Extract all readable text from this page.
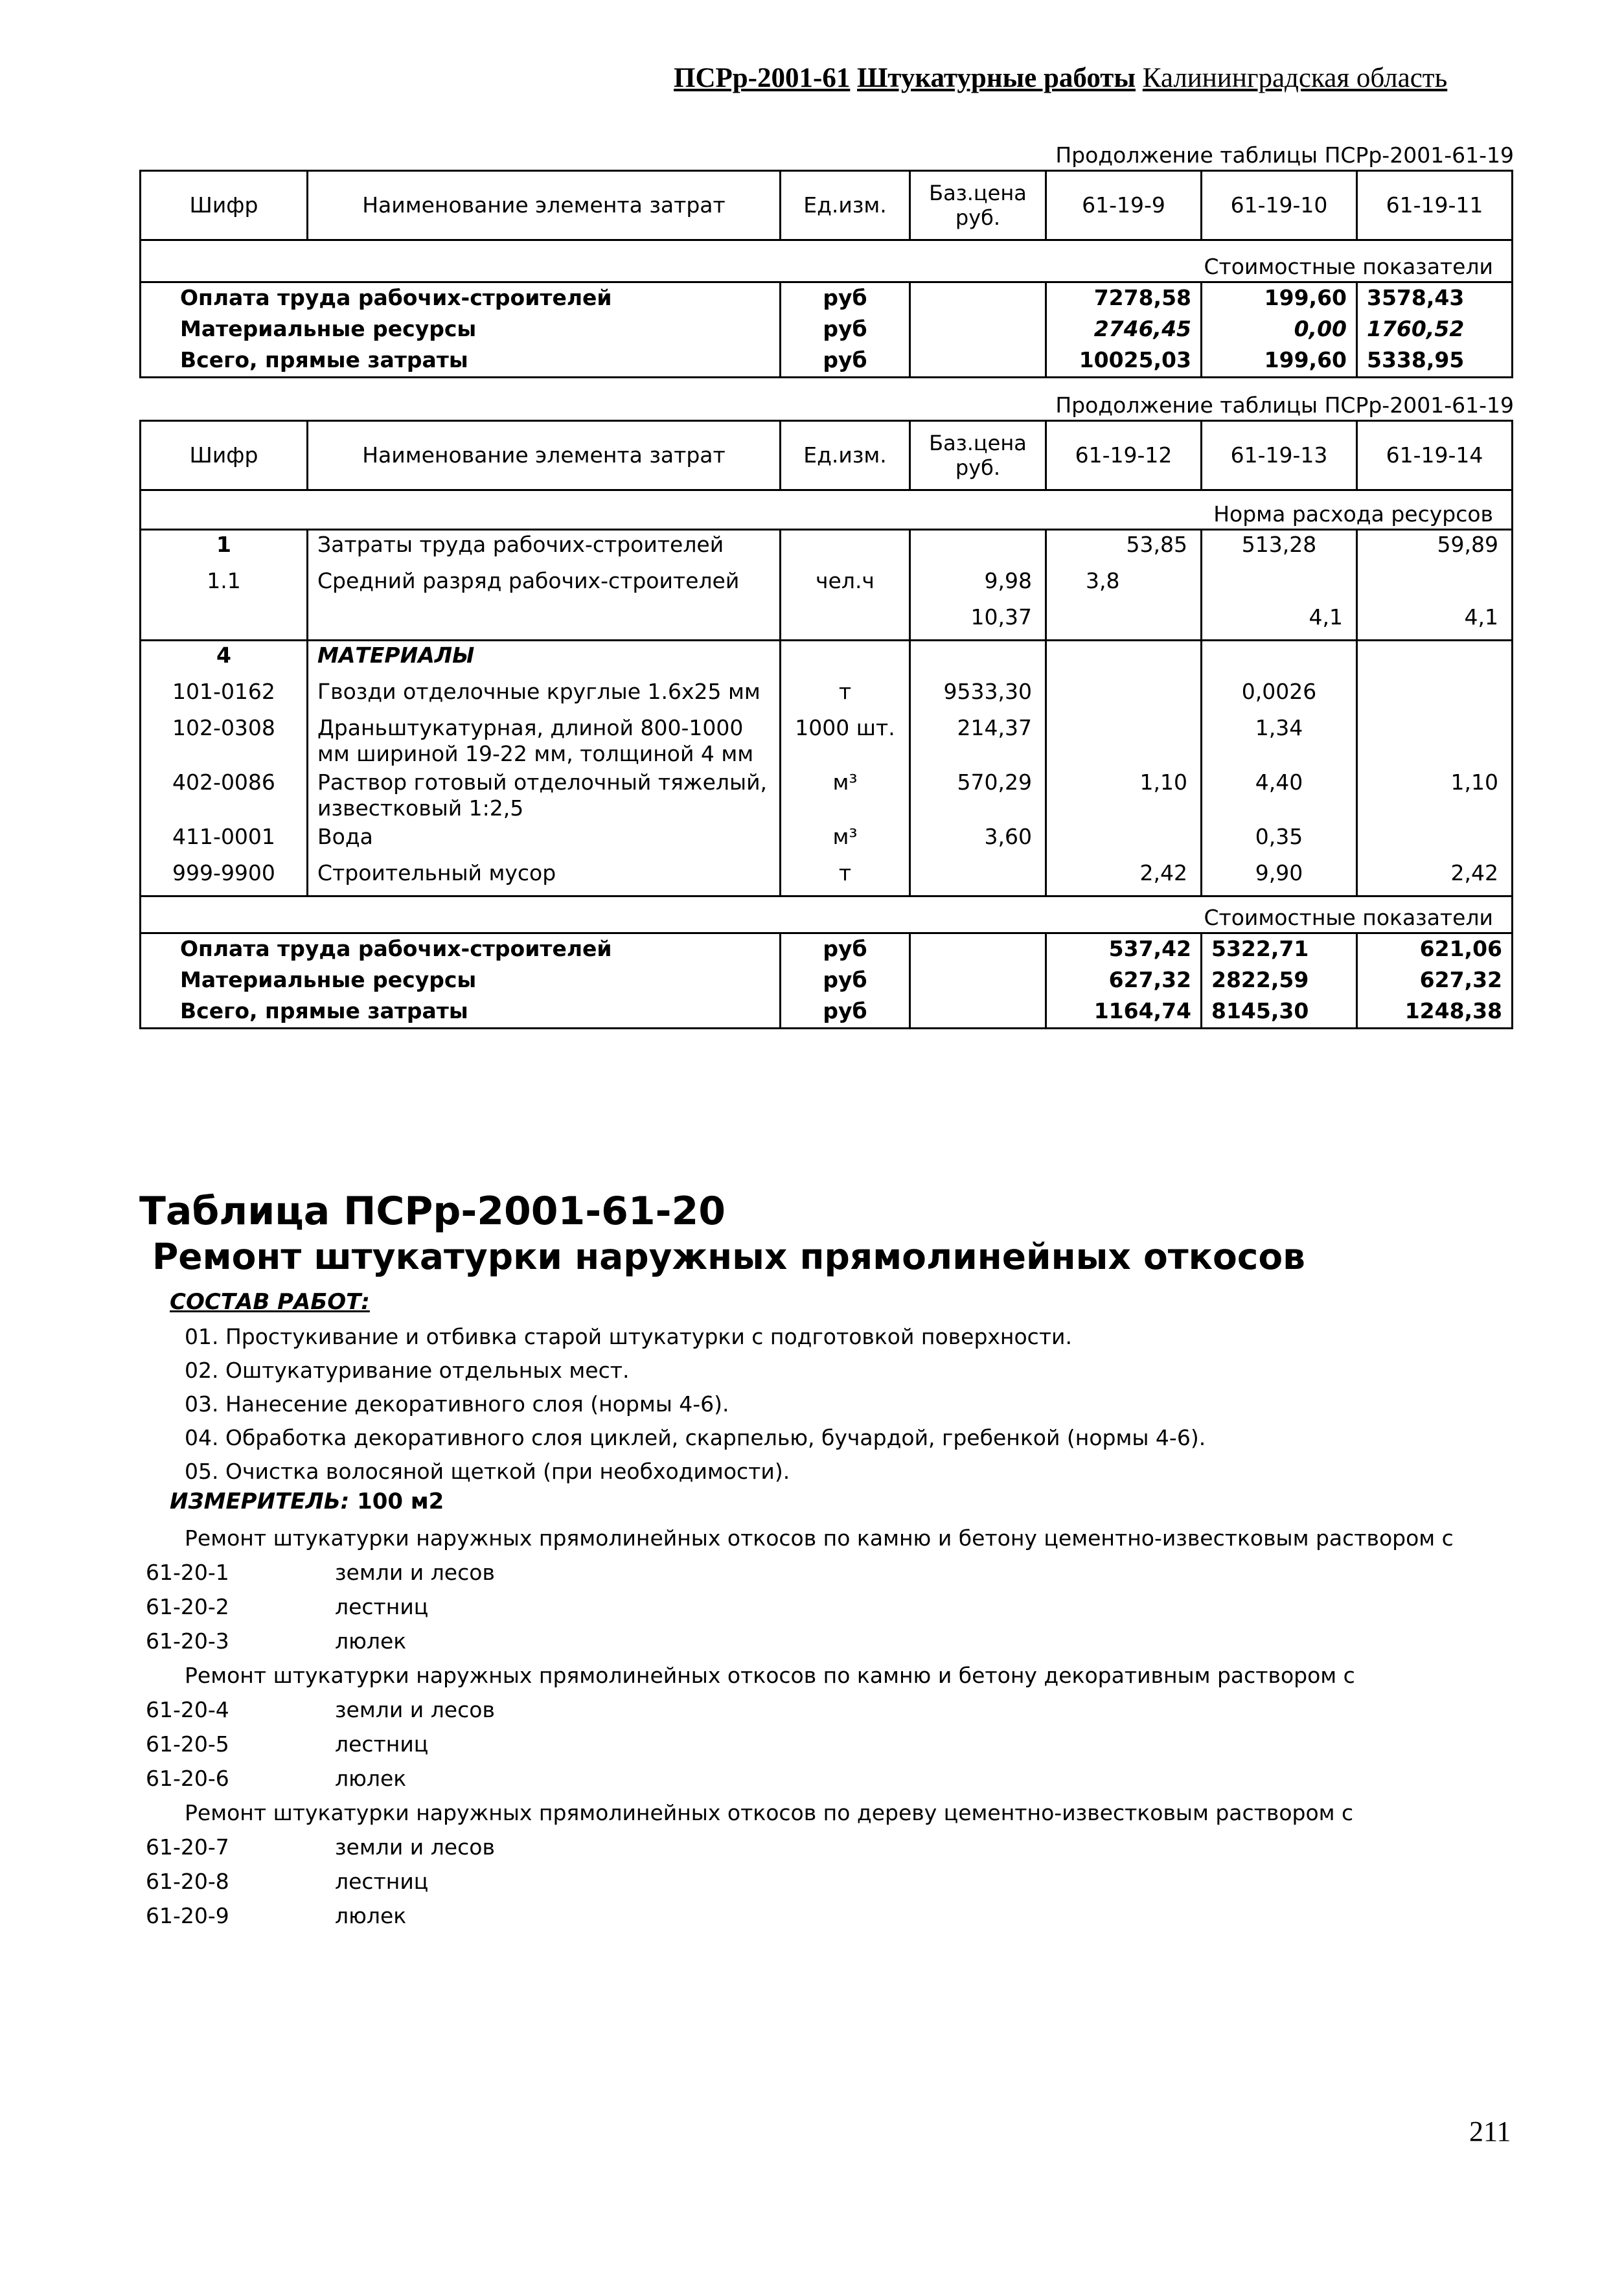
ПСРр-2001-61 Штукатурные работы Калининградская область
Продолжение таблицы ПСРр-2001-61-19
Шифр	Наименование элемента затрат	Ед.изм.	Баз.цена руб.	61-19-9	61-19-10	61-19-11
Стоимостные показатели						
Оплата труда рабочих-строителей		руб		7278,58	199,60	3578,43
Материальные ресурсы		руб		2746,45	0,00	1760,52
Всего, прямые затраты		руб		10025,03	199,60	5338,95
Продолжение таблицы ПСРр-2001-61-19
Шифр	Наименование элемента затрат	Ед.изм.	Баз.цена руб.	61-19-12	61-19-13	61-19-14
Норма расхода ресурсов						
1	Затраты труда рабочих-строителей			53,85	513,28	59,89
1.1	Средний разряд рабочих-строителей	чел.ч	9,98	3,8		
			10,37		4,1	4,1
4	МАТЕРИАЛЫ					
101-0162	Гвозди отделочные круглые 1.6х25 мм	т	9533,30		0,0026	
102-0308	Драньштукатурная, длиной 800-1000 мм шириной 19-22 мм, толщиной 4 мм	1000 шт.	214,37		1,34	
402-0086	Раствор готовый отделочный тяжелый, известковый 1:2,5	м³	570,29	1,10	4,40	1,10
411-0001	Вода	м³	3,60		0,35	
999-9900	Строительный мусор	т		2,42	9,90	2,42
Стоимостные показатели						
Оплата труда рабочих-строителей		руб		537,42	5322,71	621,06
Материальные ресурсы		руб		627,32	2822,59	627,32
Всего, прямые затраты		руб		1164,74	8145,30	1248,38
Таблица ПСРр-2001-61-20
Ремонт штукатурки наружных прямолинейных откосов
СОСТАВ РАБОТ:
01. Простукивание и отбивка старой штукатурки с подготовкой поверхности.
02. Оштукатуривание отдельных мест.
03. Нанесение декоративного слоя (нормы 4-6).
04. Обработка декоративного слоя циклей, скарпелью, бучардой, гребенкой (нормы 4-6).
05. Очистка волосяной щеткой (при необходимости).
ИЗМЕРИТЕЛЬ: 100 м2
Ремонт штукатурки наружных прямолинейных откосов по камню и бетону цементно-известковым раствором с
61-20-1	земли и лесов
61-20-2	лестниц
61-20-3	люлек
Ремонт штукатурки наружных прямолинейных откосов по камню и бетону декоративным раствором с
61-20-4	земли и лесов
61-20-5	лестниц
61-20-6	люлек
Ремонт штукатурки наружных прямолинейных откосов по дереву цементно-известковым раствором с
61-20-7	земли и лесов
61-20-8	лестниц
61-20-9	люлек
211
